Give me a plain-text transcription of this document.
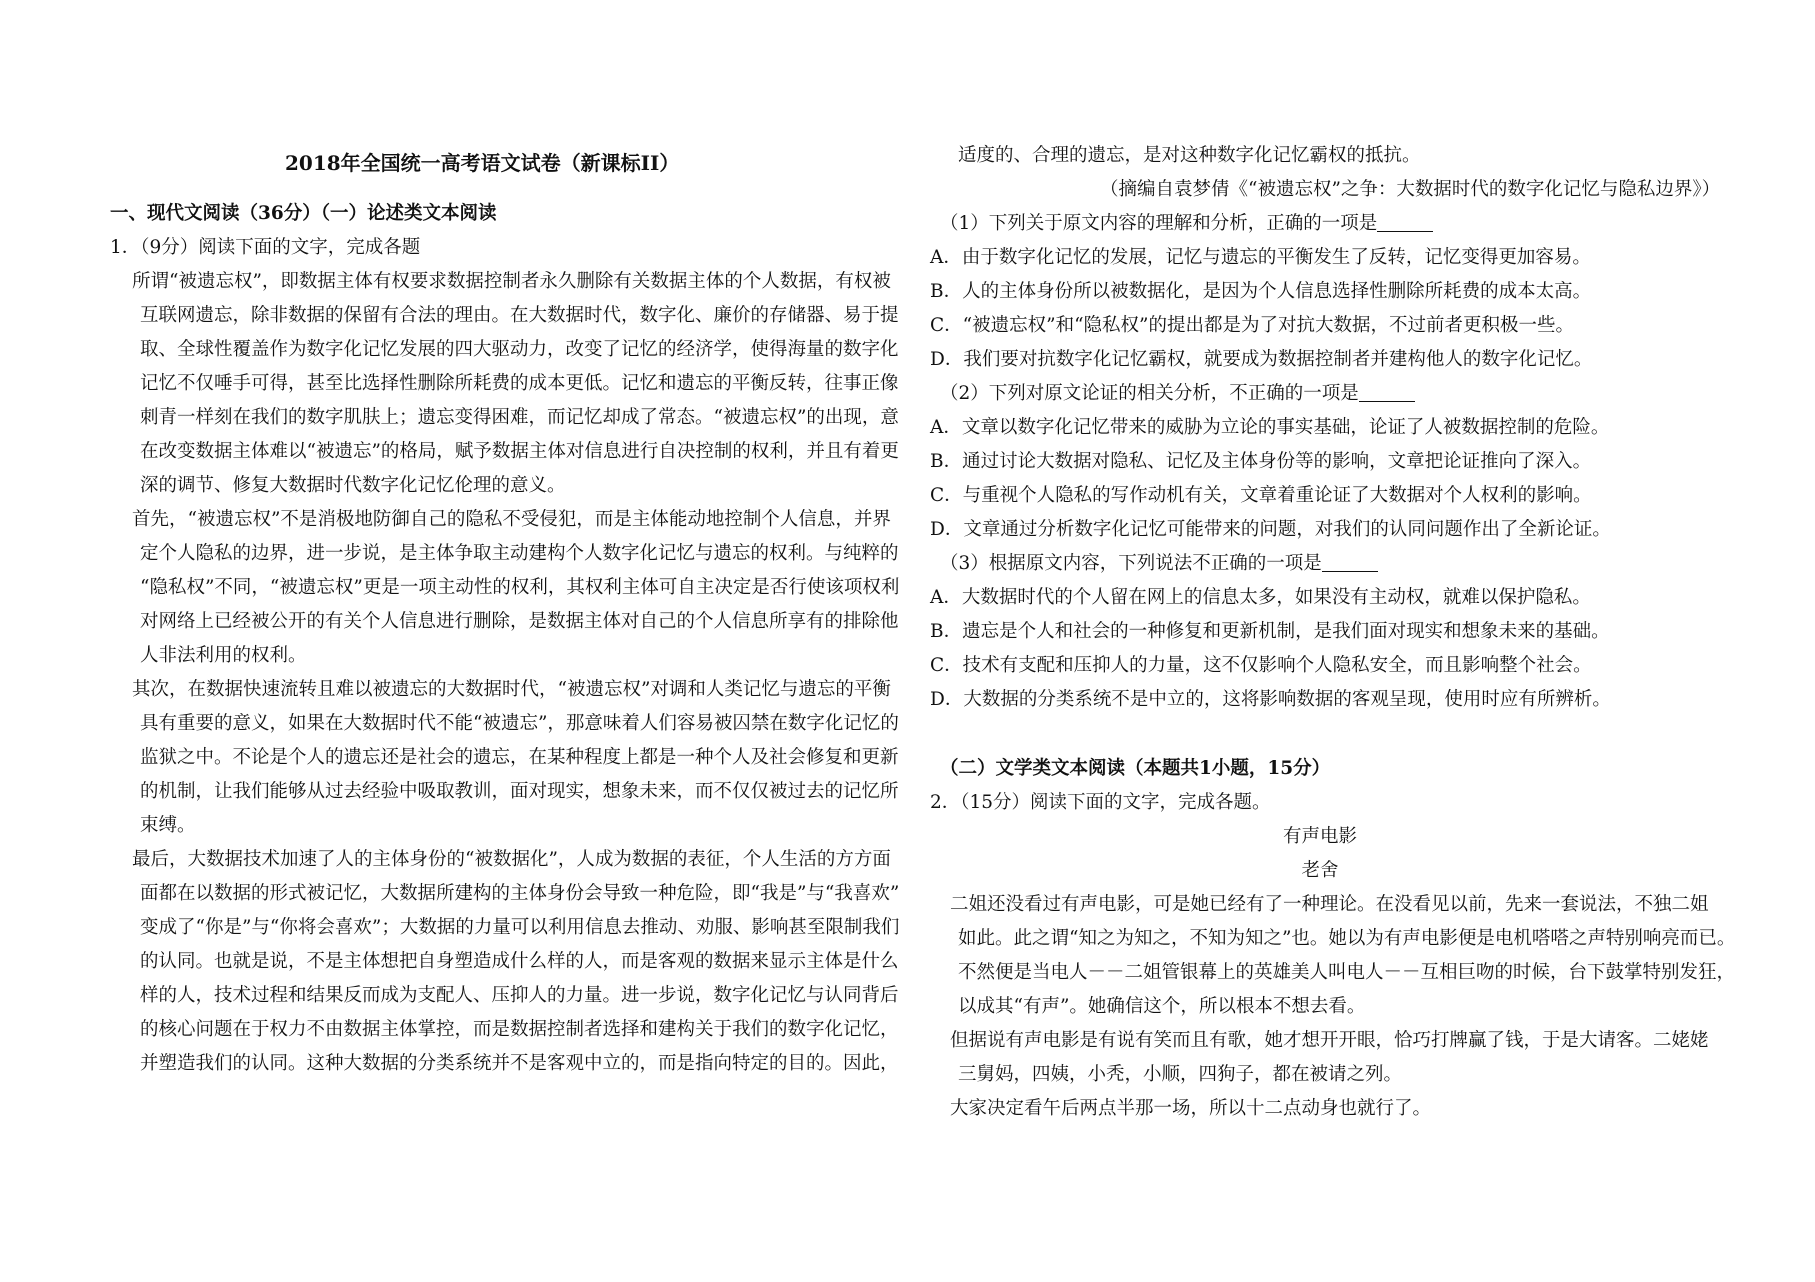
2018年全国统一高考语文试卷（新课标II）
一、现代文阅读（36分）（一）论述类文本阅读
1．（9分）阅读下面的文字，完成各题
所谓“被遗忘权”，即数据主体有权要求数据控制者永久删除有关数据主体的个人数据，有权被
互联网遗忘，除非数据的保留有合法的理由。在大数据时代，数字化、廉价的存储器、易于提
取、全球性覆盖作为数字化记忆发展的四大驱动力，改变了记忆的经济学，使得海量的数字化
记忆不仅唾手可得，甚至比选择性删除所耗费的成本更低。记忆和遗忘的平衡反转，往事正像
刺青一样刻在我们的数字肌肤上；遗忘变得困难，而记忆却成了常态。“被遗忘权”的出现，意
在改变数据主体难以“被遗忘”的格局，赋予数据主体对信息进行自决控制的权利，并且有着更
深的调节、修复大数据时代数字化记忆伦理的意义。
首先，“被遗忘权”不是消极地防御自己的隐私不受侵犯，而是主体能动地控制个人信息，并界
定个人隐私的边界，进一步说，是主体争取主动建构个人数字化记忆与遗忘的权利。与纯粹的
“隐私权”不同，“被遗忘权”更是一项主动性的权利，其权利主体可自主决定是否行使该项权利
对网络上已经被公开的有关个人信息进行删除，是数据主体对自己的个人信息所享有的排除他
人非法利用的权利。
其次，在数据快速流转且难以被遗忘的大数据时代，“被遗忘权”对调和人类记忆与遗忘的平衡
具有重要的意义，如果在大数据时代不能“被遗忘”，那意味着人们容易被囚禁在数字化记忆的
监狱之中。不论是个人的遗忘还是社会的遗忘，在某种程度上都是一种个人及社会修复和更新
的机制，让我们能够从过去经验中吸取教训，面对现实，想象未来，而不仅仅被过去的记忆所
束缚。
最后，大数据技术加速了人的主体身份的“被数据化”，人成为数据的表征，个人生活的方方面
面都在以数据的形式被记忆，大数据所建构的主体身份会导致一种危险，即“我是”与“我喜欢”
变成了“你是”与“你将会喜欢”；大数据的力量可以利用信息去推动、劝服、影响甚至限制我们
的认同。也就是说，不是主体想把自身塑造成什么样的人，而是客观的数据来显示主体是什么
样的人，技术过程和结果反而成为支配人、压抑人的力量。进一步说，数字化记忆与认同背后
的核心问题在于权力不由数据主体掌控，而是数据控制者选择和建构关于我们的数字化记忆，
并塑造我们的认同。这种大数据的分类系统并不是客观中立的，而是指向特定的目的。因此，
适度的、合理的遗忘，是对这种数字化记忆霸权的抵抗。
（摘编自袁梦倩《“被遗忘权”之争：大数据时代的数字化记忆与隐私边界》）
（1）下列关于原文内容的理解和分析，正确的一项是
A．由于数字化记忆的发展，记忆与遗忘的平衡发生了反转，记忆变得更加容易。
B．人的主体身份所以被数据化，是因为个人信息选择性删除所耗费的成本太高。
C．“被遗忘权”和“隐私权”的提出都是为了对抗大数据，不过前者更积极一些。
D．我们要对抗数字化记忆霸权，就要成为数据控制者并建构他人的数字化记忆。
（2）下列对原文论证的相关分析，不正确的一项是
A．文章以数字化记忆带来的威胁为立论的事实基础，论证了人被数据控制的危险。
B．通过讨论大数据对隐私、记忆及主体身份等的影响，文章把论证推向了深入。
C．与重视个人隐私的写作动机有关，文章着重论证了大数据对个人权利的影响。
D．文章通过分析数字化记忆可能带来的问题，对我们的认同问题作出了全新论证。
（3）根据原文内容，下列说法不正确的一项是
A．大数据时代的个人留在网上的信息太多，如果没有主动权，就难以保护隐私。
B．遗忘是个人和社会的一种修复和更新机制，是我们面对现实和想象未来的基础。
C．技术有支配和压抑人的力量，这不仅影响个人隐私安全，而且影响整个社会。
D．大数据的分类系统不是中立的，这将影响数据的客观呈现，使用时应有所辨析。
（二）文学类文本阅读（本题共1小题，15分）
2．（15分）阅读下面的文字，完成各题。
有声电影
老舍
二姐还没看过有声电影，可是她已经有了一种理论。在没看见以前，先来一套说法，不独二姐
如此。此之谓“知之为知之，不知为知之”也。她以为有声电影便是电机嗒嗒之声特别响亮而已。
不然便是当电人－－二姐管银幕上的英雄美人叫电人－－互相巨吻的时候，台下鼓掌特别发狂，
以成其“有声”。她确信这个，所以根本不想去看。
但据说有声电影是有说有笑而且有歌，她才想开开眼，恰巧打牌赢了钱，于是大请客。二姥姥
三舅妈，四姨，小秃，小顺，四狗子，都在被请之列。
大家决定看午后两点半那一场，所以十二点动身也就行了。
